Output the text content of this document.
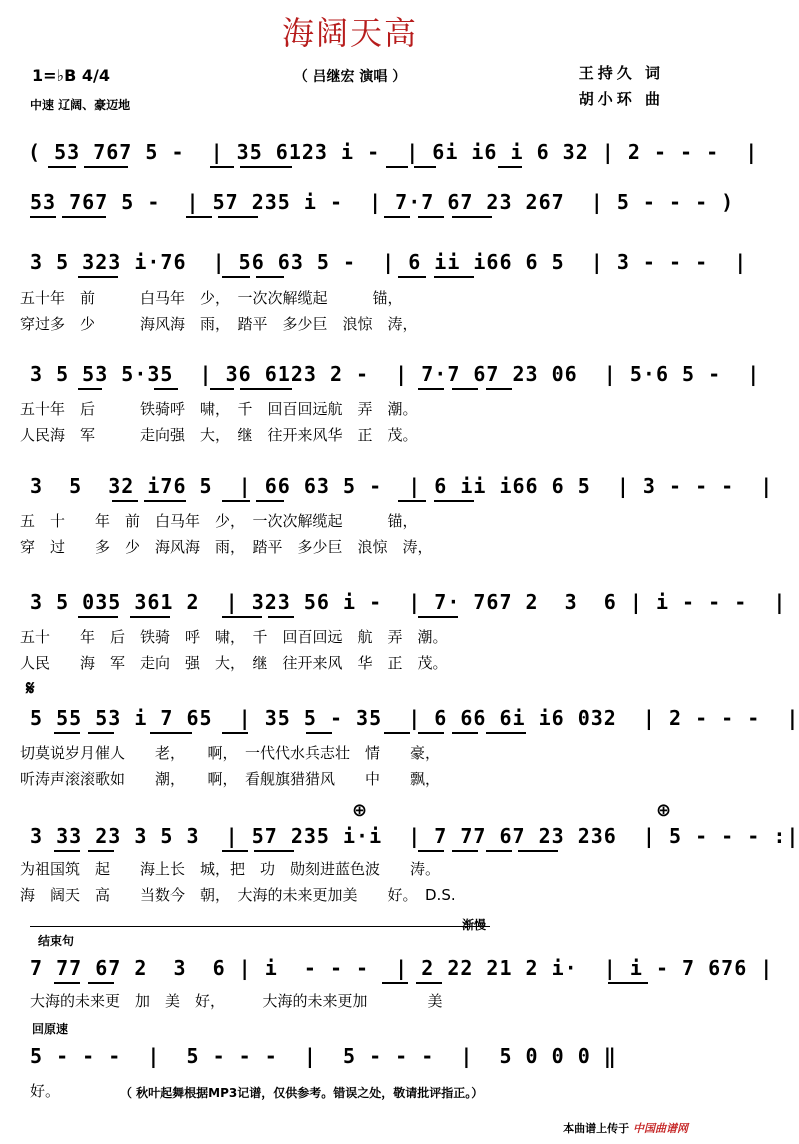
海阔天高
1=♭B 4/4
中速 辽阔、豪迈地
（ 吕继宏 演唱 ）	王持久 词
胡小环 曲
( 53 767 5 -  | 35 6123 i -  | 6i i6 i 6 32 | 2 - - -  |
53 767 5 -  | 57 235 i -  | 7·7 67 23 267  | 5 - - - )
3 5 323 i·76  | 56 63 5 -  | 6 ii i66 6 5  | 3 - - -  |
五十年　前　　　白马年　少，　一次次解缆起　　　锚，
穿过多　少　　　海风海　雨，　踏平　多少巨　浪惊　涛，
3 5 53 5·35  | 36 6123 2 -  | 7·7 67 23 06  | 5·6 5 -  |
五十年　后　　　铁骑呼　啸，　千　回百回远航　弄　潮。
人民海　军　　　走向强　大，　继　往开来风华　正　茂。
3  5  32 i76 5  | 66 63 5 -  | 6 ii i66 6 5  | 3 - - -  |
五　十　　年　前　白马年　少，　一次次解缆起　　　锚，
穿　过　　多　少　海风海　雨，　踏平　多少巨　浪惊　涛，
3 5 035 361 2  | 323 56 i -  | 7· 767 2  3  6 | i - - -  |
五十　　年　后　铁骑　呼　啸，　千　回百回远　航　弄　潮。
人民　　海　军　走向　强　大，　继　往开来风　华　正　茂。
𝄋
5 55 53 i 7 65  | 35 5 - 35  | 6 66 6i i6 032  | 2 - - -  |
切莫说岁月催人　　老，　　啊，　一代代水兵志壮　情　　豪，
听涛声滚滚歌如　　潮，　　啊，　看舰旗猎猎风　　中　　飘，
⊕	⊕
3 33 23 3 5 3  | 57 235 i·i  | 7 77 67 23 236  | 5 - - - :|
为祖国筑　起　　海上长　城，把　功　勋刻进蓝色波　　涛。
海　阔天　高　　当数今　朝，　大海的未来更加美　　好。　D.S.
结束句
渐慢
7 77 67 2  3  6 | i  - - -  | 2 22 21 2 i·  | i - 7 676 |
大海的未来更　加　美　好，　　　大海的未来更加　　　　美
回原速
5 - - -  |  5 - - -  |  5 - - -  |  5 0 0 0 ‖
好。	（ 秋叶起舞根据MP3记谱，仅供参考。错误之处，敬请批评指正。）
本曲谱上传于 中国曲谱网
